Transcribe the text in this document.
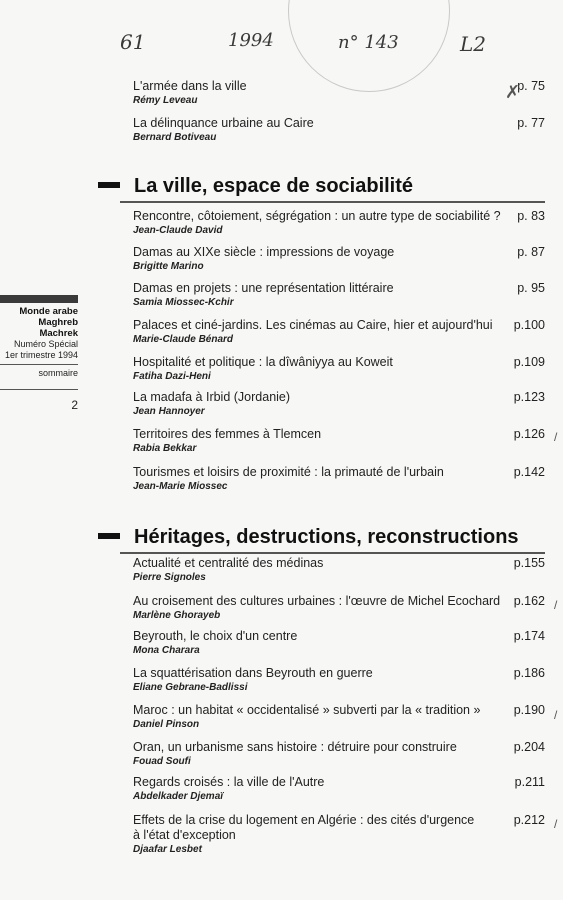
61	1994	n° 143	L2
L'armée dans la ville
Rémy Leveau
p. 75
La délinquance urbaine au Caire
Bernard Botiveau
p. 77
La ville, espace de sociabilité
Rencontre, côtoiement, ségrégation : un autre type de sociabilité ?
Jean-Claude David
p. 83
Damas au XIXe siècle : impressions de voyage
Brigitte Marino
p. 87
Damas en projets : une représentation littéraire
Samia Miossec-Kchir
p. 95
Palaces et ciné-jardins. Les cinémas au Caire, hier et aujourd'hui
Marie-Claude Bénard
p.100
Hospitalité et politique : la dîwâniyya au Koweit
Fatiha Dazi-Heni
p.109
La madafa à Irbid (Jordanie)
Jean Hannoyer
p.123
Territoires des femmes à Tlemcen
Rabia Bekkar
p.126
Tourismes et loisirs de proximité : la primauté de l'urbain
Jean-Marie Miossec
p.142
Héritages, destructions, reconstructions
Actualité et centralité des médinas
Pierre Signoles
p.155
Au croisement des cultures urbaines : l'œuvre de Michel Ecochard
Marlène Ghorayeb
p.162
Beyrouth, le choix d'un centre
Mona Charara
p.174
La squattérisation dans Beyrouth en guerre
Eliane Gebrane-Badlissi
p.186
Maroc : un habitat « occidentalisé » subverti par la « tradition »
Daniel Pinson
p.190
Oran, un urbanisme sans histoire : détruire pour construire
Fouad Soufi
p.204
Regards croisés : la ville de l'Autre
Abdelkader Djemaï
p.211
Effets de la crise du logement en Algérie : des cités d'urgence à l'état d'exception
Djaafar Lesbet
p.212
✗
/
/
/
/
Monde arabe
Maghreb
Machrek
Numéro Spécial
1er trimestre 1994
sommaire
2
